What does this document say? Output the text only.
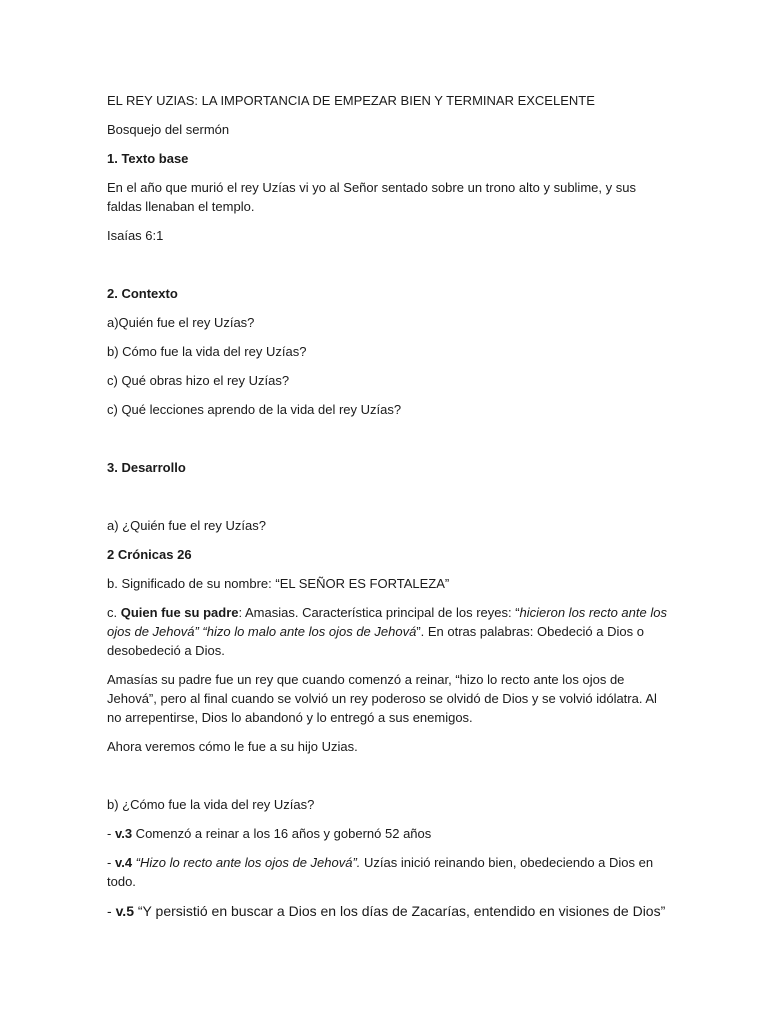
EL REY UZIAS: LA IMPORTANCIA DE EMPEZAR BIEN Y TERMINAR EXCELENTE

Bosquejo del sermón

1. Texto base

En el año que murió el rey Uzías vi yo al Señor sentado sobre un trono alto y sublime, y sus faldas llenaban el templo.

Isaías 6:1

2. Contexto

a)Quién fue el rey Uzías?

b) Cómo fue la vida del rey Uzías?

c) Qué obras hizo el rey Uzías?

c) Qué lecciones aprendo de la vida del rey Uzías?

3. Desarrollo

a) ¿Quién fue el rey Uzías?

2 Crónicas 26

b. Significado de su nombre: “EL SEÑOR ES FORTALEZA”

c. Quien fue su padre: Amasias. Característica principal de los reyes: “hicieron los recto ante los ojos de Jehová” “hizo lo malo ante los ojos de Jehová”. En otras palabras: Obedeció a Dios o desobedeció a Dios.

Amasías su padre fue un rey que cuando comenzó a reinar, “hizo lo recto ante los ojos de Jehová”, pero al final cuando se volvió un rey poderoso se olvidó de Dios y se volvió idólatra. Al no arrepentirse, Dios lo abandonó y lo entregó a sus enemigos.

Ahora veremos cómo le fue a su hijo Uzias.

b) ¿Cómo fue la vida del rey Uzías?

- v.3 Comenzó a reinar a los 16 años y gobernó 52 años

- v.4 “Hizo lo recto ante los ojos de Jehová”. Uzías inició reinando bien, obedeciendo a Dios en todo.

- v.5 “Y persistió en buscar a Dios en los días de Zacarías, entendido en visiones de Dios”
